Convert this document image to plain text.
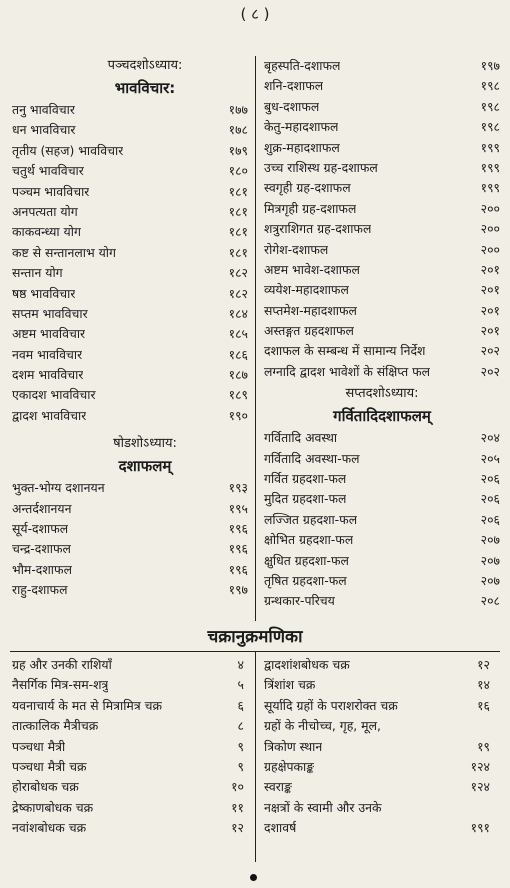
( ८ )
पञ्चदशोऽध्याय:
भावविचार:
तनु भावविचार	१७७
धन भावविचार	१७८
तृतीय (सहज) भावविचार	१७९
चतुर्थ भावविचार	१८०
पञ्चम भावविचार	१८१
अनपत्यता योग	१८१
काकवन्ध्या योग	१८१
कष्ट से सन्तानलाभ योग	१८१
सन्तान योग	१८२
षष्ठ भावविचार	१८२
सप्तम भावविचार	१८४
अष्टम भावविचार	१८५
नवम भावविचार	१८६
दशम भावविचार	१८७
एकादश भावविचार	१८९
द्वादश भावविचार	१९०
षोडशोऽध्याय:
दशाफलम्
भुक्त-भोग्य दशानयन	१९३
अन्तर्दशानयन	१९५
सूर्य-दशाफल	१९६
चन्द्र-दशाफल	१९६
भौम-दशाफल	१९६
राहु-दशाफल	१९७
बृहस्पति-दशाफल	१९७
शनि-दशाफल	१९८
बुध-दशाफल	१९८
केतु-महादशाफल	१९८
शुक्र-महादशाफल	१९९
उच्च राशिस्थ ग्रह-दशाफल	१९९
स्वगृही ग्रह-दशाफल	१९९
मित्रगृही ग्रह-दशाफल	२००
शत्रुराशिगत ग्रह-दशाफल	२००
रोगेश-दशाफल	२००
अष्टम भावेश-दशाफल	२०१
व्ययेश-महादशाफल	२०१
सप्तमेश-महादशाफल	२०१
अस्तङ्गत ग्रहदशाफल	२०१
दशाफल के सम्बन्ध में सामान्य निर्देश	२०२
लग्नादि द्वादश भावेशों के संक्षिप्त फल	२०२
सप्तदशोऽध्याय:
गर्वितादिदशाफलम्
गर्वितादि अवस्था	२०४
गर्वितादि अवस्था-फल	२०५
गर्वित ग्रहदशा-फल	२०६
मुदित ग्रहदशा-फल	२०६
लज्जित ग्रहदशा-फल	२०६
क्षोभित ग्रहदशा-फल	२०७
क्षुधित ग्रहदशा-फल	२०७
तृषित ग्रहदशा-फल	२०७
ग्रन्थकार-परिचय	२०८
चक्रानुक्रमणिका
ग्रह और उनकी राशियाँ	४
नैसर्गिक मित्र-सम-शत्रु	५
यवनाचार्य के मत से मित्रामित्र चक्र	६
तात्कालिक मैत्रीचक्र	८
पञ्चधा मैत्री	९
पञ्चधा मैत्री चक्र	९
होराबोधक चक्र	१०
द्रेष्काणबोधक चक्र	११
नवांशबोधक चक्र	१२
द्वादशांशबोधक चक्र	१२
त्रिंशांश चक्र	१४
सूर्यादि ग्रहों के पराशरोक्त चक्र	१६
ग्रहों के नीचोच्च, गृह, मूल,
त्रिकोण स्थान	१९
ग्रहक्षेपकाङ्क	१२४
स्वराङ्क	१२४
नक्षत्रों के स्वामी और उनके
दशावर्ष	१९१
